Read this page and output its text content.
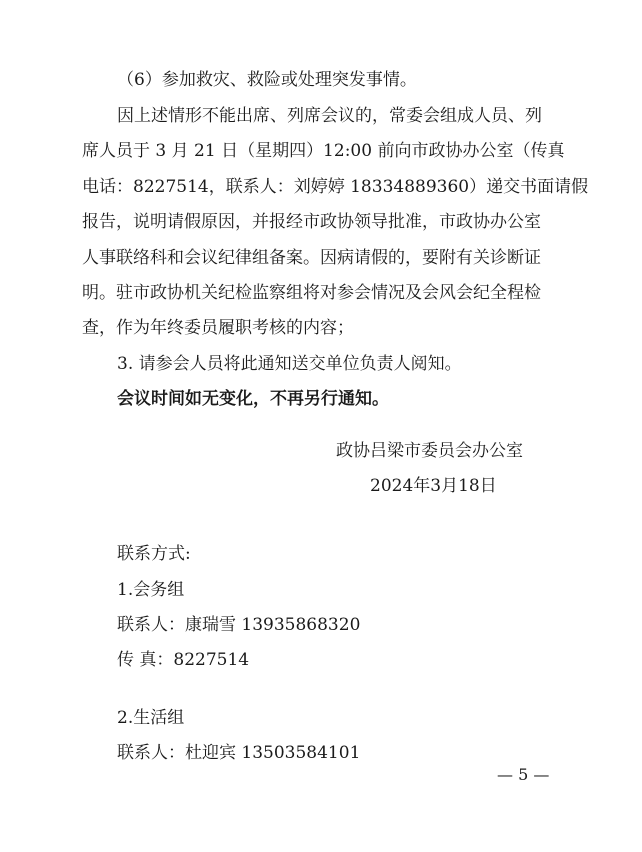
（6）参加救灾、救险或处理突发事情。
因上述情形不能出席、列席会议的，常委会组成人员、列
席人员于 3 月 21 日（星期四）12:00 前向市政协办公室（传真
电话：8227514，联系人：刘婷婷 18334889360）递交书面请假
报告，说明请假原因，并报经市政协领导批准，市政协办公室
人事联络科和会议纪律组备案。因病请假的，要附有关诊断证
明。驻市政协机关纪检监察组将对参会情况及会风会纪全程检
查，作为年终委员履职考核的内容；
3. 请参会人员将此通知送交单位负责人阅知。
会议时间如无变化，不再另行通知。
政协吕梁市委员会办公室
2024年3月18日
联系方式:
1.会务组
联系人：康瑞雪 13935868320
传 真：8227514
2.生活组
联系人：杜迎宾 13503584101
— 5 —
